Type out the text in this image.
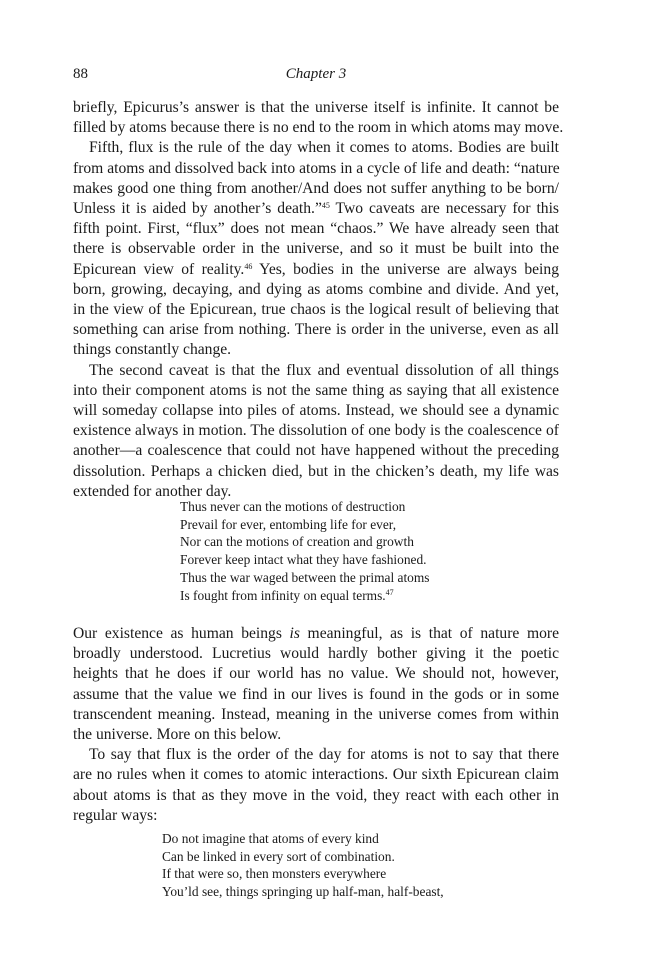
88	Chapter 3
briefly, Epicurus’s answer is that the universe itself is infinite. It cannot be
filled by atoms because there is no end to the room in which atoms may move.
Fifth, flux is the rule of the day when it comes to atoms. Bodies are built
from atoms and dissolved back into atoms in a cycle of life and death: “nature
makes good one thing from another/And does not suffer anything to be born/
Unless it is aided by another’s death.”$^{45}$ Two caveats are necessary for this
fifth point. First, “flux” does not mean “chaos.” We have already seen that
there is observable order in the universe, and so it must be built into the
Epicurean view of reality.$^{46}$ Yes, bodies in the universe are always being
born, growing, decaying, and dying as atoms combine and divide. And yet,
in the view of the Epicurean, true chaos is the logical result of believing that
something can arise from nothing. There is order in the universe, even as all
things constantly change.
The second caveat is that the flux and eventual dissolution of all things
into their component atoms is not the same thing as saying that all existence
will someday collapse into piles of atoms. Instead, we should see a dynamic
existence always in motion. The dissolution of one body is the coalescence of
another—a coalescence that could not have happened without the preceding
dissolution. Perhaps a chicken died, but in the chicken’s death, my life was
extended for another day.
Thus never can the motions of destruction
Prevail for ever, entombing life for ever,
Nor can the motions of creation and growth
Forever keep intact what they have fashioned.
Thus the war waged between the primal atoms
Is fought from infinity on equal terms.$^{47}$
Our existence as human beings is meaningful, as is that of nature more
broadly understood. Lucretius would hardly bother giving it the poetic
heights that he does if our world has no value. We should not, however,
assume that the value we find in our lives is found in the gods or in some
transcendent meaning. Instead, meaning in the universe comes from within
the universe. More on this below.
To say that flux is the order of the day for atoms is not to say that there
are no rules when it comes to atomic interactions. Our sixth Epicurean claim
about atoms is that as they move in the void, they react with each other in
regular ways:
Do not imagine that atoms of every kind
Can be linked in every sort of combination.
If that were so, then monsters everywhere
You’ld see, things springing up half-man, half-beast,
